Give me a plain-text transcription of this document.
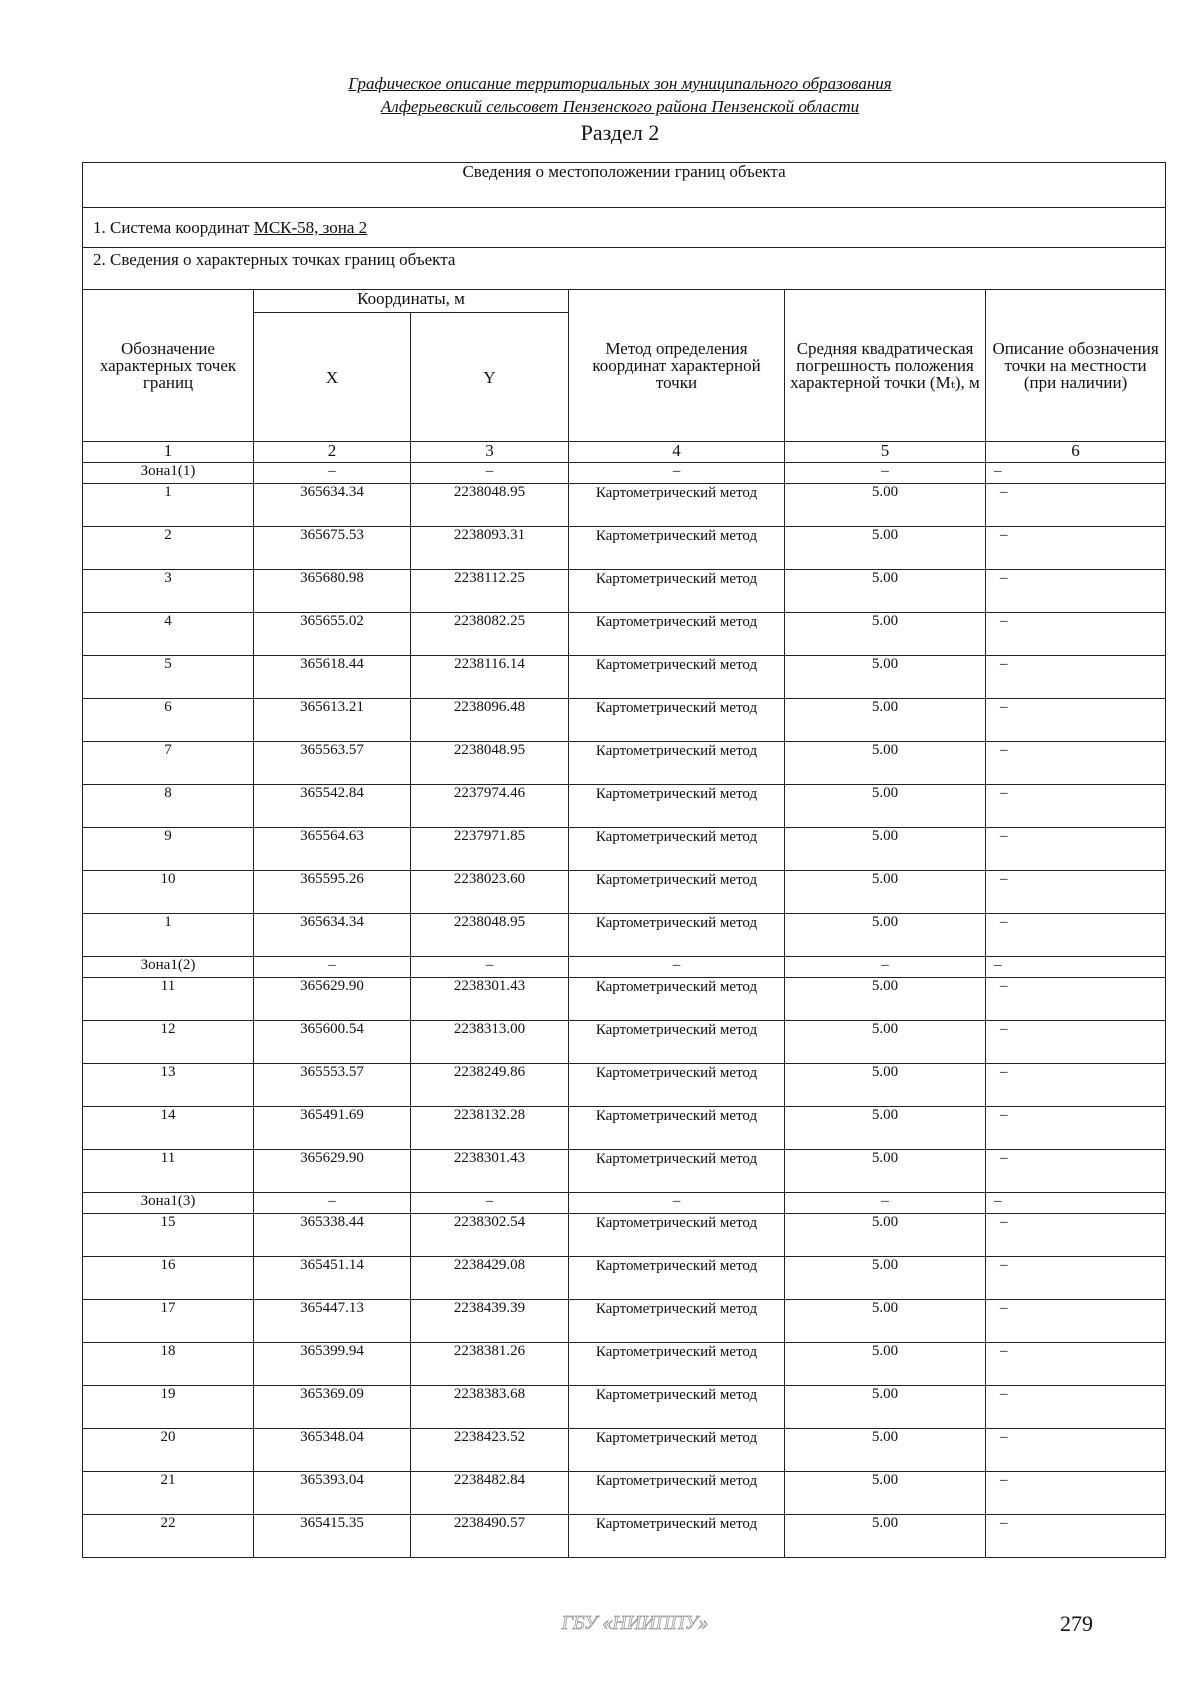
Графическое описание территориальных зон муниципального образования
Алферьевский сельсовет Пензенского района Пензенской области
Раздел 2
Сведения о местоположении границ объекта					
1. Система координат МСК-58, зона 2					
2. Сведения о характерных точках границ объекта					
Обозначение характерных точек границ	Координаты, м		Метод определения координат характерной точки	Средняя квадратическая погрешность положения характерной точки (Mₜ), м	Описание обозначения точки на местности (при наличии)
	X	Y			
1	2	3	4	5	6
Зона1(1)	–	–	–	–	–
1	365634.34	2238048.95	Картометрический метод	5.00	–
2	365675.53	2238093.31	Картометрический метод	5.00	–
3	365680.98	2238112.25	Картометрический метод	5.00	–
4	365655.02	2238082.25	Картометрический метод	5.00	–
5	365618.44	2238116.14	Картометрический метод	5.00	–
6	365613.21	2238096.48	Картометрический метод	5.00	–
7	365563.57	2238048.95	Картометрический метод	5.00	–
8	365542.84	2237974.46	Картометрический метод	5.00	–
9	365564.63	2237971.85	Картометрический метод	5.00	–
10	365595.26	2238023.60	Картометрический метод	5.00	–
1	365634.34	2238048.95	Картометрический метод	5.00	–
Зона1(2)	–	–	–	–	–
11	365629.90	2238301.43	Картометрический метод	5.00	–
12	365600.54	2238313.00	Картометрический метод	5.00	–
13	365553.57	2238249.86	Картометрический метод	5.00	–
14	365491.69	2238132.28	Картометрический метод	5.00	–
11	365629.90	2238301.43	Картометрический метод	5.00	–
Зона1(3)	–	–	–	–	–
15	365338.44	2238302.54	Картометрический метод	5.00	–
16	365451.14	2238429.08	Картометрический метод	5.00	–
17	365447.13	2238439.39	Картометрический метод	5.00	–
18	365399.94	2238381.26	Картометрический метод	5.00	–
19	365369.09	2238383.68	Картометрический метод	5.00	–
20	365348.04	2238423.52	Картометрический метод	5.00	–
21	365393.04	2238482.84	Картометрический метод	5.00	–
22	365415.35	2238490.57	Картометрический метод	5.00	–
ГБУ «НИИППУ»	279
